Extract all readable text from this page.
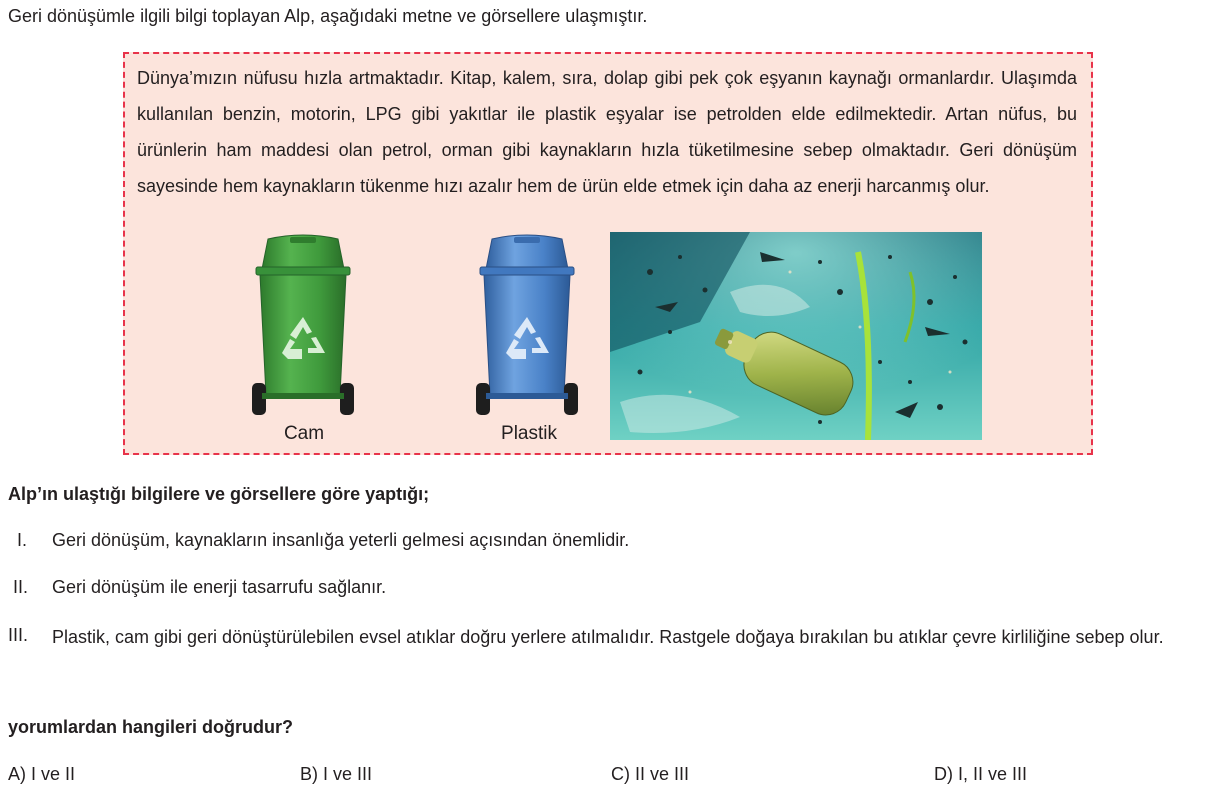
Geri dönüşümle ilgili bilgi toplayan Alp, aşağıdaki metne ve görsellere ulaşmıştır.
Dünya’mızın nüfusu hızla artmaktadır. Kitap, kalem, sıra, dolap gibi pek çok eşyanın kaynağı ormanlardır. Ulaşımda kullanılan benzin, motorin, LPG gibi yakıtlar ile plastik eşyalar ise petrolden elde edilmektedir. Artan nüfus, bu ürünlerin ham maddesi olan petrol, orman gibi kaynakların hızla tüketilmesine sebep olmaktadır. Geri dönüşüm sayesinde hem kaynakların tükenme hızı azalır hem de ürün elde etmek için daha az enerji harcanmış olur.
Cam	Plastik
Alp’ın ulaştığı bilgilere ve görsellere göre yaptığı;
I. Geri dönüşüm, kaynakların insanlığa yeterli gelmesi açısından önemlidir.
II. Geri dönüşüm ile enerji tasarrufu sağlanır.
III. Plastik, cam gibi geri dönüştürülebilen evsel atıklar doğru yerlere atılmalıdır. Rastgele doğaya bırakılan bu atıklar çevre kirliliğine sebep olur.
yorumlardan hangileri doğrudur?
A) I ve II	B) I ve III	C) II ve III	D) I, II ve III
